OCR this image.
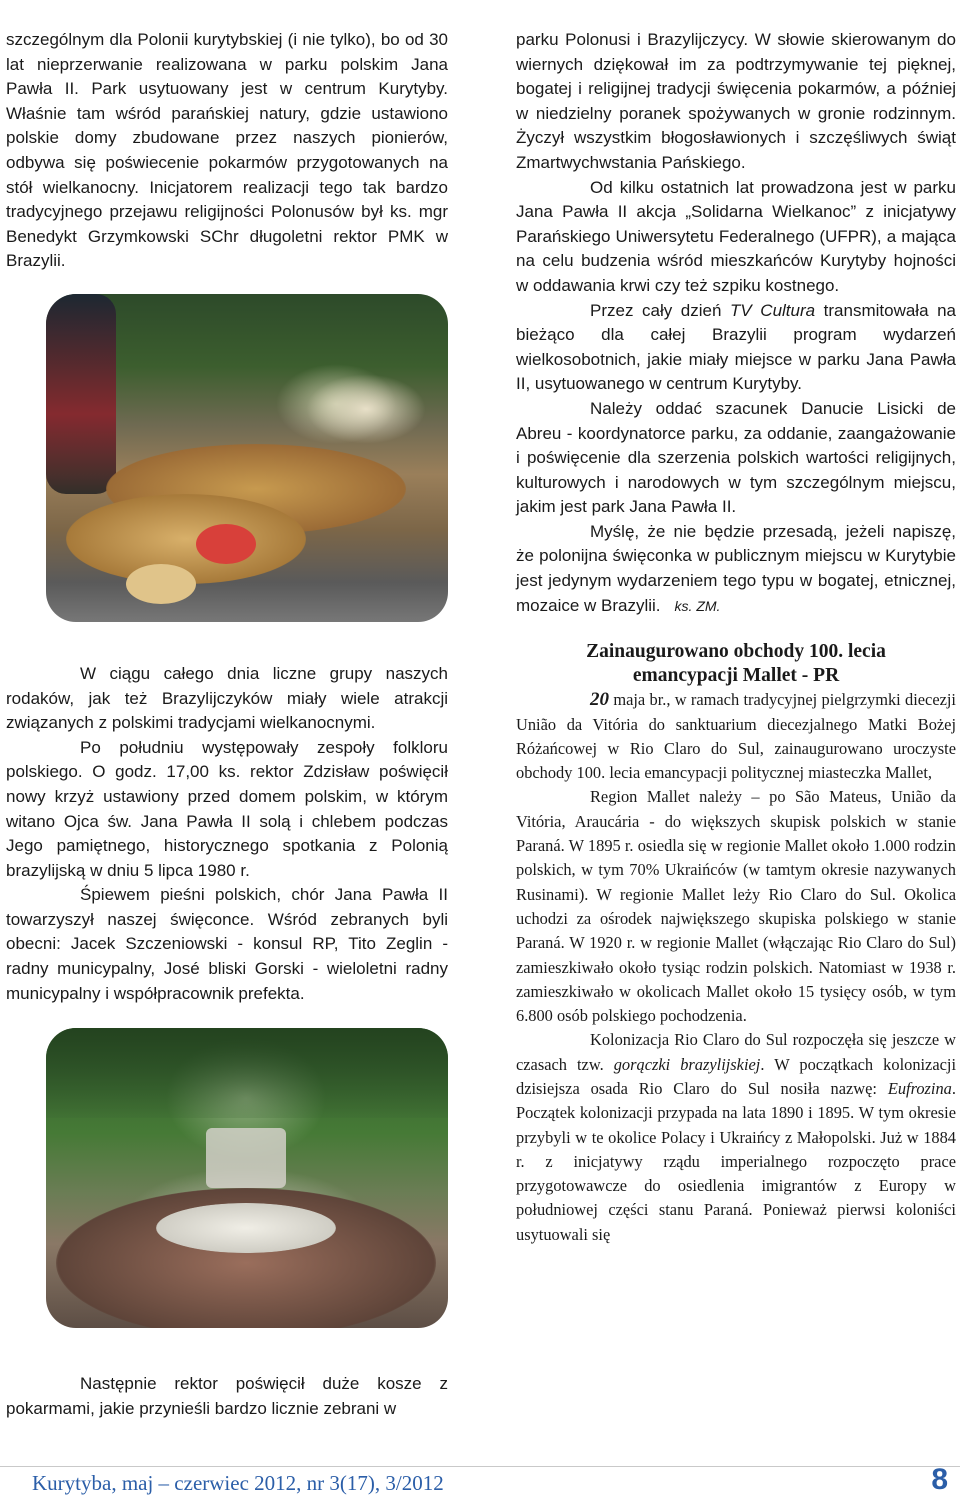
szczególnym dla Polonii kurytybskiej (i nie tylko), bo od 30 lat nieprzerwanie realizowana w parku polskim Jana Pawła II. Park usytuowany jest w centrum Kurytyby. Właśnie tam wśród parańskiej natury, gdzie ustawiono polskie domy zbudowane przez naszych pionierów, odbywa się poświecenie pokarmów przygotowanych na stół wielkanocny. Inicjatorem realizacji tego tak bardzo tradycyjnego przejawu religijności Polonusów był ks. mgr Benedykt Grzymkowski SChr długoletni rektor PMK w Brazylii.

W ciągu całego dnia liczne grupy naszych rodaków, jak też Brazylijczyków miały wiele atrakcji związanych z polskimi tradycjami wielkanocnymi.

Po południu występowały zespoły folkloru polskiego. O godz. 17,00 ks. rektor Zdzisław poświęcił nowy krzyż ustawiony przed domem polskim, w którym witano Ojca św. Jana Pawła II solą i chlebem podczas Jego pamiętnego, historycznego spotkania z Polonią brazylijską w dniu 5 lipca 1980 r.

Śpiewem pieśni polskich, chór Jana Pawła II towarzyszył naszej święconce. Wśród zebranych byli obecni: Jacek Szczeniowski - konsul RP, Tito Zeglin - radny municypalny, José bliski Gorski - wieloletni radny municypalny i współpracownik prefekta.

Następnie rektor poświęcił duże kosze z pokarmami, jakie przynieśli bardzo licznie zebrani w

parku Polonusi i Brazylijczycy. W słowie skierowanym do wiernych dziękował im za podtrzymywanie tej pięknej, bogatej i religijnej tradycji święcenia pokarmów, a później w niedzielny poranek spożywanych w gronie rodzinnym. Życzył wszystkim błogosławionych i szczęśliwych świąt Zmartwychwstania Pańskiego.

Od kilku ostatnich lat prowadzona jest w parku Jana Pawła II akcja „Solidarna Wielkanoc” z inicjatywy Parańskiego Uniwersytetu Federalnego (UFPR), a mająca na celu budzenia wśród mieszkańców Kurytyby hojności w oddawania krwi czy też szpiku kostnego.

Przez cały dzień TV Cultura transmitowała na bieżąco dla całej Brazylii program wydarzeń wielkosobotnich, jakie miały miejsce w parku Jana Pawła II, usytuowanego w centrum Kurytyby.

Należy oddać szacunek Danucie Lisicki de Abreu - koordynatorce parku, za oddanie, zaangażowanie i poświęcenie dla szerzenia polskich wartości religijnych, kulturowych i narodowych w tym szczególnym miejscu, jakim jest park Jana Pawła II.

Myślę, że nie będzie przesadą, jeżeli napiszę, że polonijna święconka w publicznym miejscu w Kurytybie jest jedynym wydarzeniem tego typu w bogatej, etnicznej, mozaice w Brazylii. ks. ZM.

Zainaugurowano obchody 100. lecia
emancypacji Mallet - PR

20 maja br., w ramach tradycyjnej pielgrzymki diecezji União da Vitória do sanktuarium diecezjalnego Matki Bożej Różańcowej w Rio Claro do Sul, zainaugurowano uroczyste obchody 100. lecia emancypacji politycznej miasteczka Mallet,

Region Mallet należy – po São Mateus, União da Vitória, Araucária - do większych skupisk polskich w stanie Paraná. W 1895 r. osiedla się w regionie Mallet około 1.000 rodzin polskich, w tym 70% Ukraińców (w tamtym okresie nazywanych Rusinami). W regionie Mallet leży Rio Claro do Sul. Okolica uchodzi za ośrodek największego skupiska polskiego w stanie Paraná. W 1920 r. w regionie Mallet (włączając Rio Claro do Sul) zamieszkiwało około tysiąc rodzin polskich. Natomiast w 1938 r. zamieszkiwało w okolicach Mallet około 15 tysięcy osób, w tym 6.800 osób polskiego pochodzenia.

Kolonizacja Rio Claro do Sul rozpoczęła się jeszcze w czasach tzw. gorączki brazylijskiej. W początkach kolonizacji dzisiejsza osada Rio Claro do Sul nosiła nazwę: Eufrozina. Początek kolonizacji przypada na lata 1890 i 1895. W tym okresie przybyli w te okolice Polacy i Ukraińcy z Małopolski. Już w 1884 r. z inicjatywy rządu imperialnego rozpoczęto prace przygotowawcze do osiedlenia imigrantów z Europy w południowej części stanu Paraná. Ponieważ pierwsi koloniści usytuowali się

Kurytyba, maj – czerwiec 2012, nr 3(17), 3/2012	8
